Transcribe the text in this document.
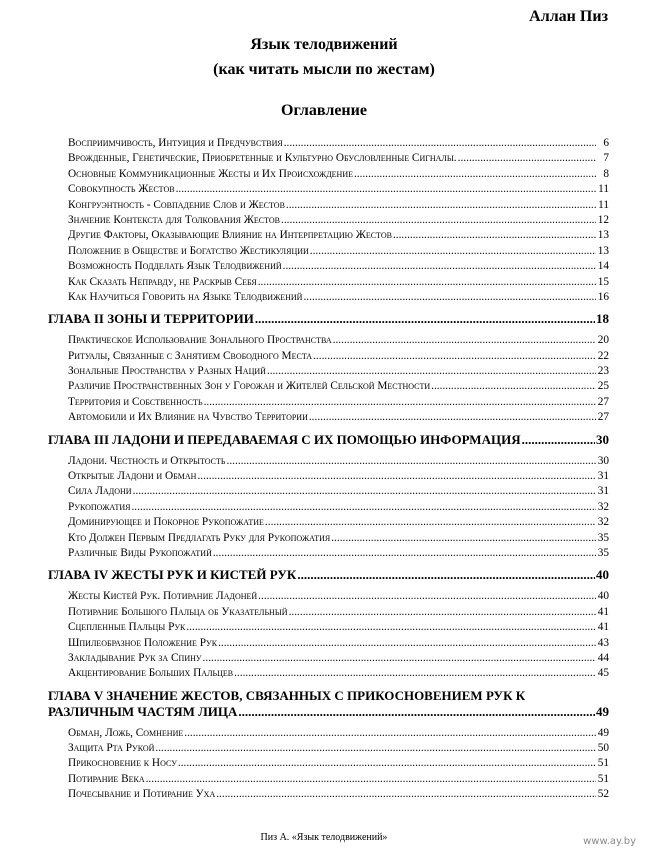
Аллан Пиз
Язык телодвижений
(как читать мысли по жестам)
Оглавление
Восприимчивость, Интуиция и Предчувствия .....	6
Врожденные, Генетические, Приобретенные и Культурно Обусловленные Сигналы. .....	7
Основные Коммуникационные Жесты и Их Происхождение .....	8
Совокупность Жестов .....	11
Конгруэнтность - Совпадение Слов и Жестов .....	11
Значение Контекста для Толкования Жестов .....	12
Другие Факторы, Оказывающие Влияние на Интерпретацию Жестов .....	13
Положение в Обществе и Богатство Жестикуляции .....	13
Возможность Подделать Язык Телодвижений .....	14
Как Сказать Неправду, не Раскрыв Себя .....	15
Как Научиться Говорить на Языке Телодвижений .....	16
ГЛАВА II ЗОНЫ И ТЕРРИТОРИИ .....	18
Практическое Использование Зонального Пространства .....	20
Ритуалы, Связанные с Занятием Свободного Места .....	22
Зональные Пространства у Разных Наций .....	23
Различие Пространственных Зон у Горожан и Жителей Сельской Местности .....	25
Территория и Собственность .....	27
Автомобили и Их Влияние на Чувство Территории .....	27
ГЛАВА III ЛАДОНИ И ПЕРЕДАВАЕМАЯ С ИХ ПОМОЩЬЮ ИНФОРМАЦИЯ .....	30
Ладони. Честность и Открытость .....	30
Открытые Ладони и Обман .....	31
Сила Ладони .....	31
Рукопожатия .....	32
Доминирующее и Покорное Рукопожатие .....	32
Кто Должен Первым Предлагать Руку для Рукопожатия .....	35
Различные Виды Рукопожатий .....	35
ГЛАВА IV ЖЕСТЫ РУК И КИСТЕЙ РУК .....	40
Жесты Кистей Рук. Потирание Ладоней .....	40
Потирание Большого Пальца об Указательный .....	41
Сцепленные Пальцы Рук .....	41
Шпилеобразное Положение Рук .....	43
Закладывание Рук за Спину .....	44
Акцентирование Больших Пальцев .....	45
ГЛАВА V ЗНАЧЕНИЕ ЖЕСТОВ, СВЯЗАННЫХ С ПРИКОСНОВЕНИЕМ РУК К
РАЗЛИЧНЫМ ЧАСТЯМ ЛИЦА .....	49
Обман, Ложь, Сомнение .....	49
Защита Рта Рукой .....	50
Прикосновение к Носу .....	51
Потирание Века .....	51
Почесывание и Потирание Уха .....	52
Пиз А. «Язык телодвижений»	www.ay.by
